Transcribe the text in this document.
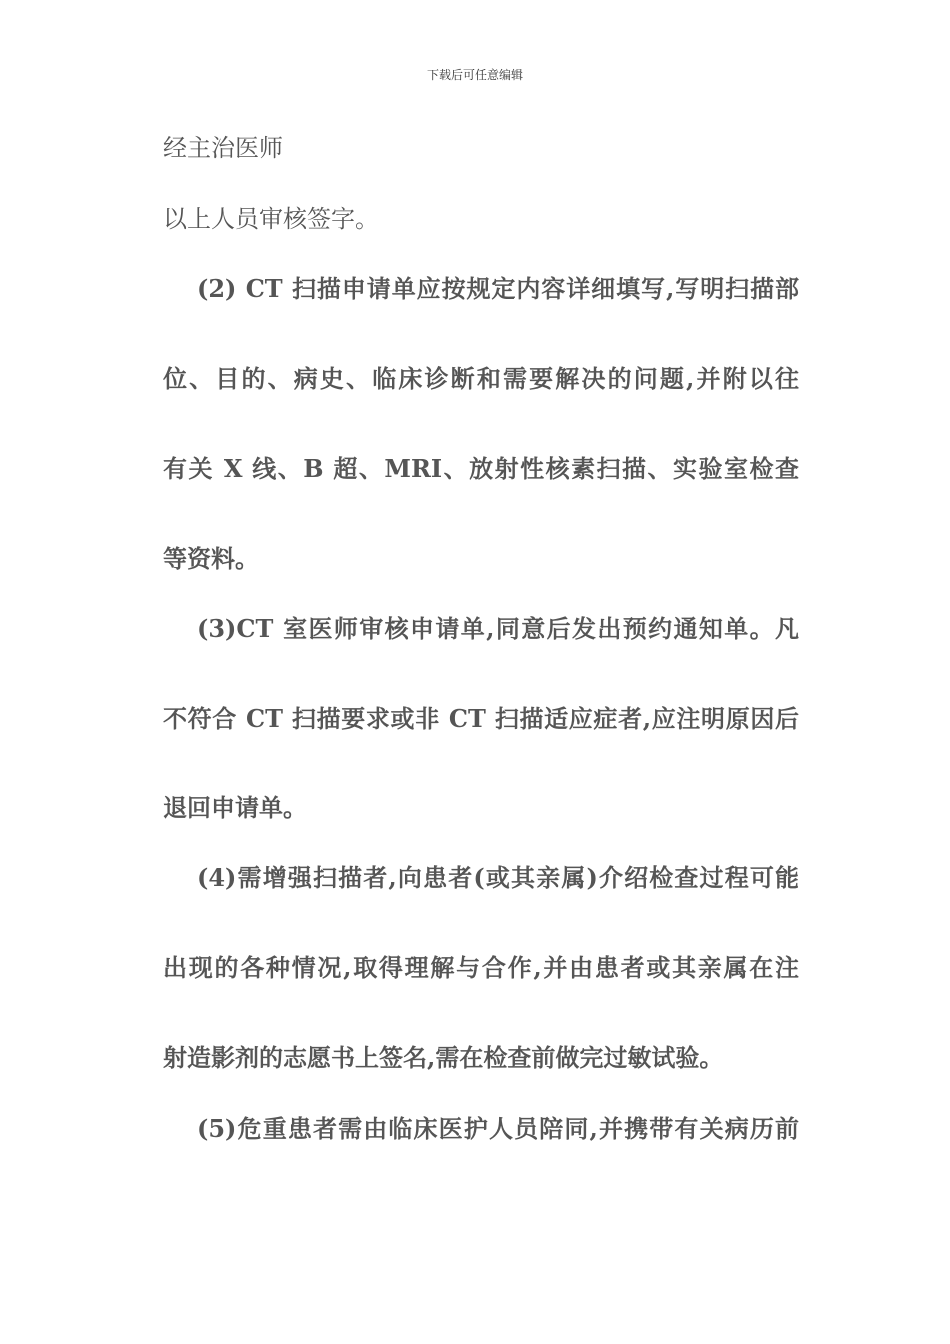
下载后可任意编辑
经主治医师
以上人员审核签字。
(2) CT 扫描申请单应按规定内容详细填写,写明扫描部
位、目的、病史、临床诊断和需要解决的问题,并附以往
有关 X 线、B 超、MRI、放射性核素扫描、实验室检查
等资料。
(3)CT 室医师审核申请单,同意后发出预约通知单。凡
不符合 CT 扫描要求或非 CT 扫描适应症者,应注明原因后
退回申请单。
(4)需增强扫描者,向患者(或其亲属)介绍检查过程可能
出现的各种情况,取得理解与合作,并由患者或其亲属在注
射造影剂的志愿书上签名,需在检查前做完过敏试验。
(5)危重患者需由临床医护人员陪同,并携带有关病历前
